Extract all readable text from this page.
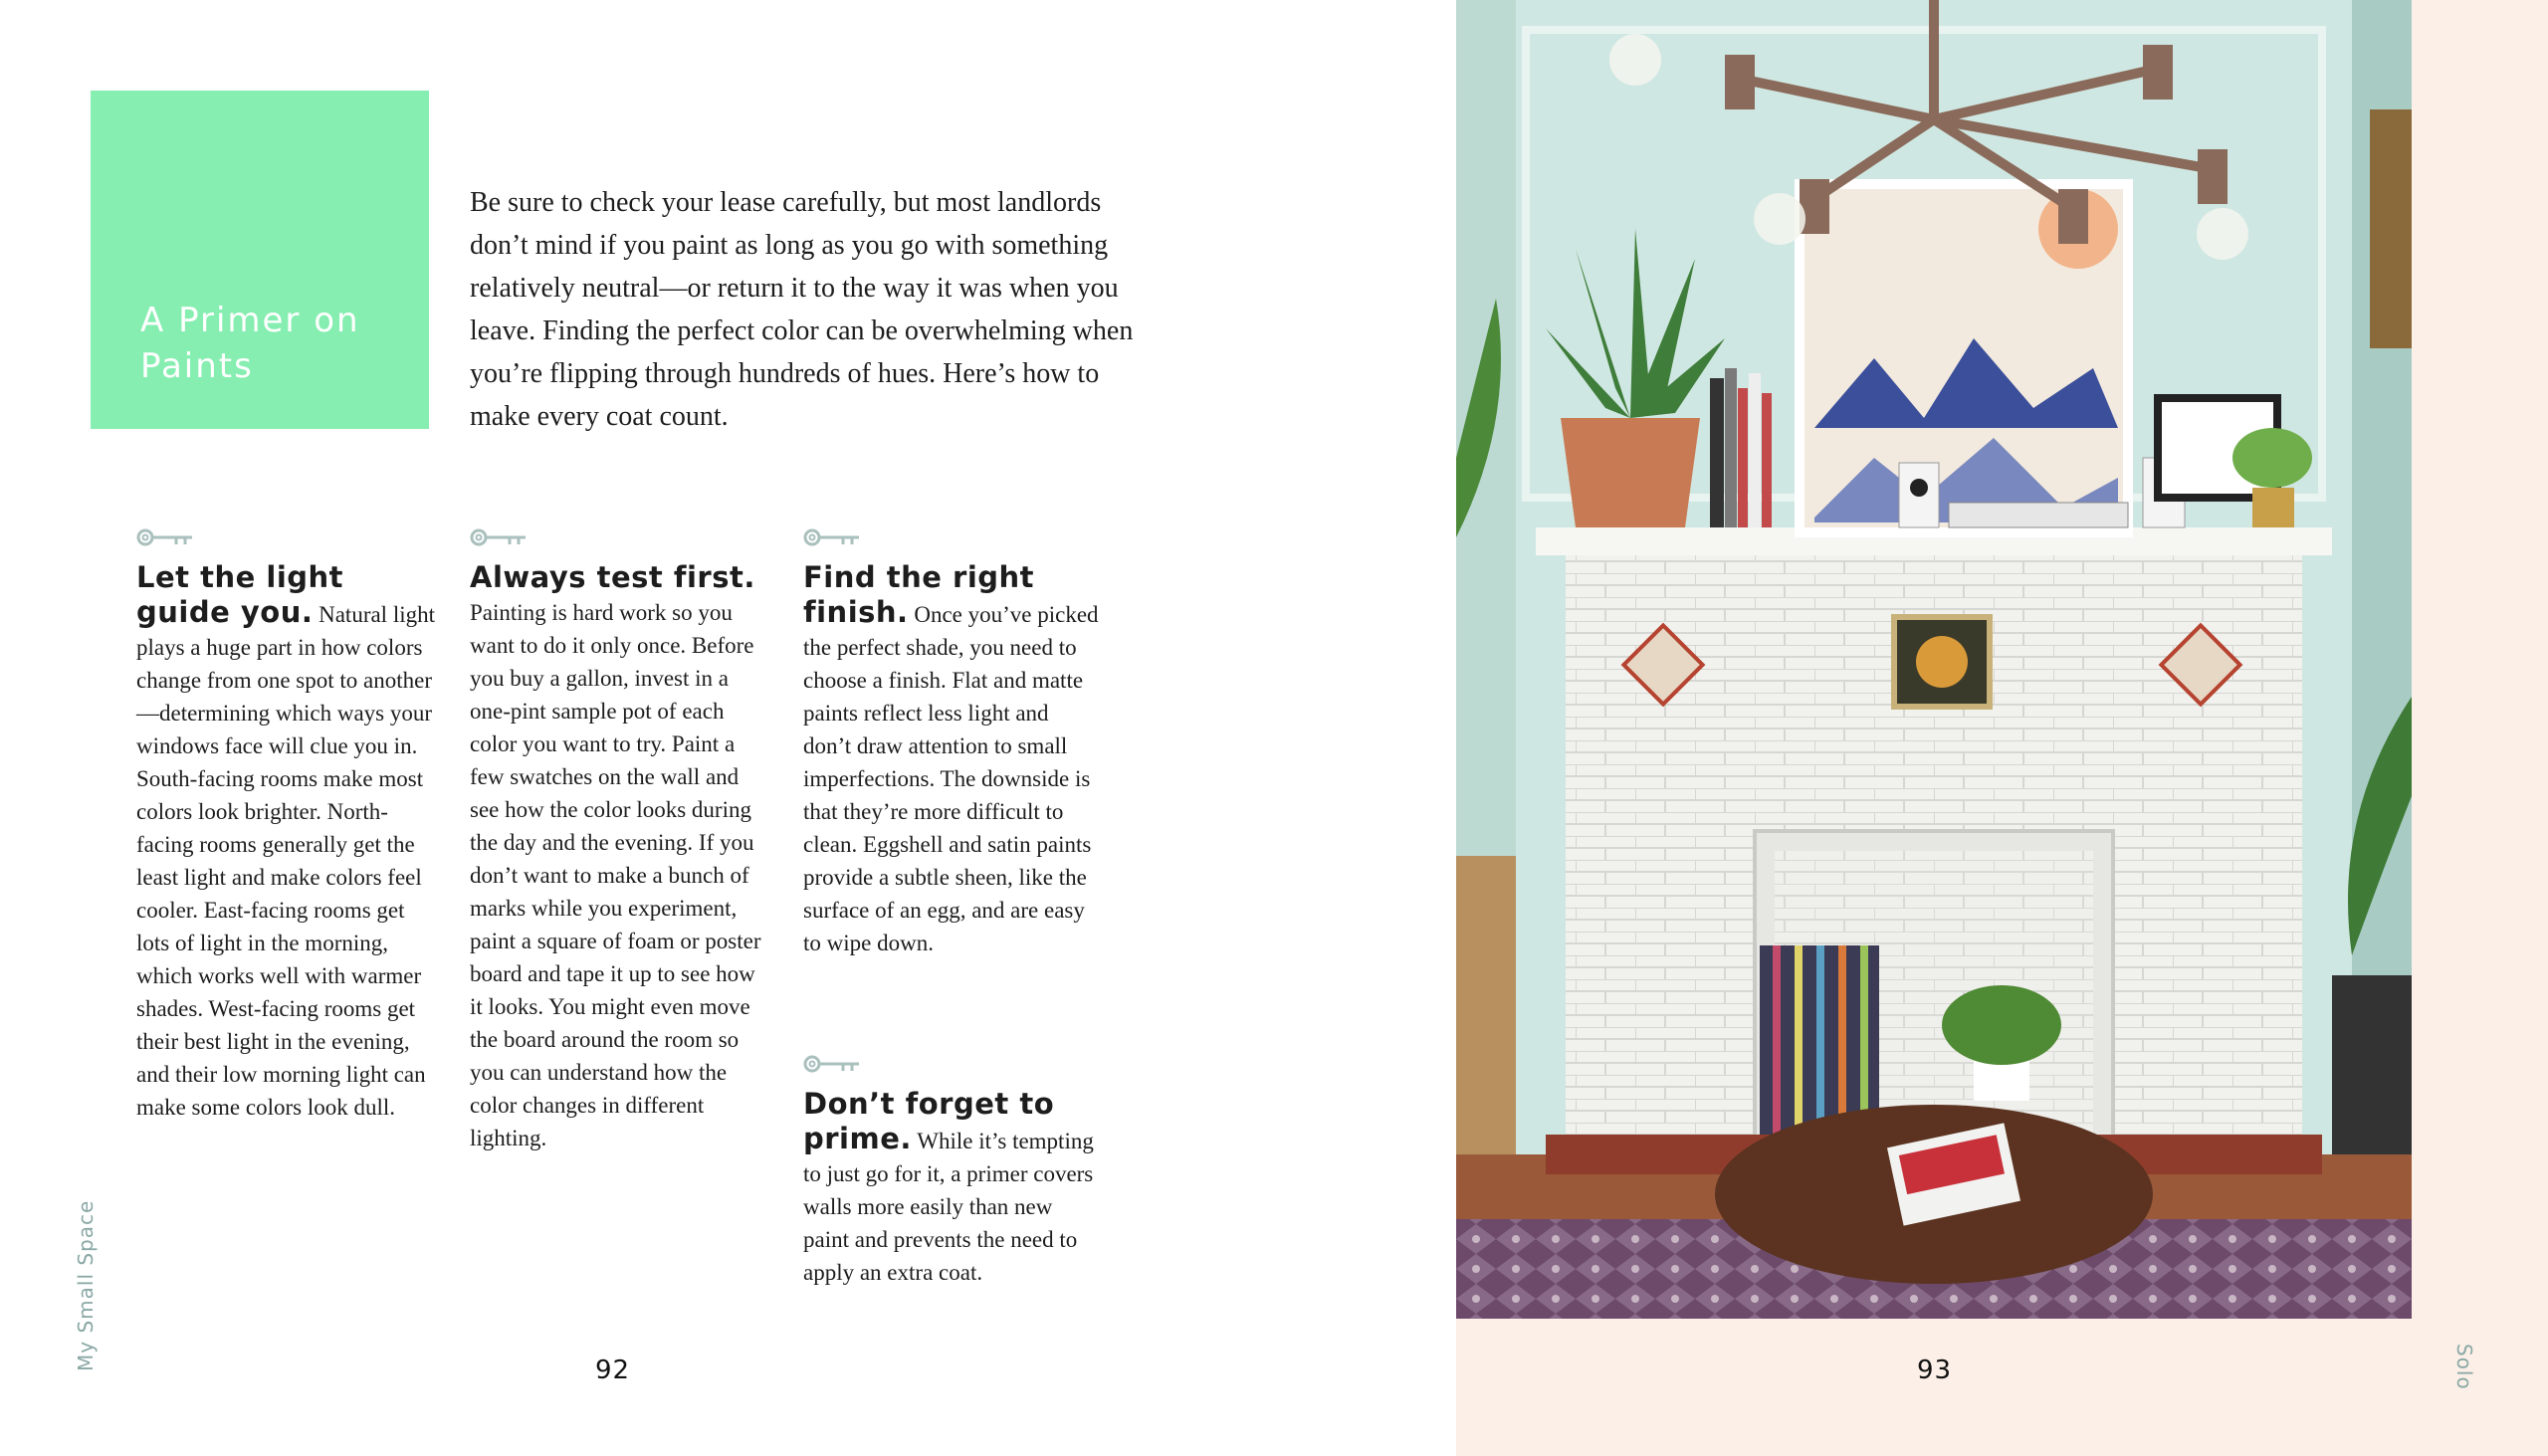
A Primer on Paints

Be sure to check your lease carefully, but most landlords don’t mind if you paint as long as you go with something relatively neutral—or return it to the way it was when you leave. Finding the perfect color can be overwhelming when you’re flipping through hundreds of hues. Here’s how to make every coat count.

Let the light guide you. Natural light plays a huge part in how colors change from one spot to another—determining which ways your windows face will clue you in. South-facing rooms make most colors look brighter. North-facing rooms generally get the least light and make colors feel cooler. East-facing rooms get lots of light in the morning, which works well with warmer shades. West-facing rooms get their best light in the evening, and their low morning light can make some colors look dull.

Always test first. Painting is hard work so you want to do it only once. Before you buy a gallon, invest in a one-pint sample pot of each color you want to try. Paint a few swatches on the wall and see how the color looks during the day and the evening. If you don’t want to make a bunch of marks while you experiment, paint a square of foam or poster board and tape it up to see how it looks. You might even move the board around the room so you can understand how the color changes in different lighting.

Find the right finish. Once you’ve picked the perfect shade, you need to choose a finish. Flat and matte paints reflect less light and don’t draw attention to small imperfections. The downside is that they’re more difficult to clean. Eggshell and satin paints provide a subtle sheen, like the surface of an egg, and are easy to wipe down.

Don’t forget to prime. While it’s tempting to just go for it, a primer covers walls more easily than new paint and prevents the need to apply an extra coat.

92	93
My Small Space	Solo
